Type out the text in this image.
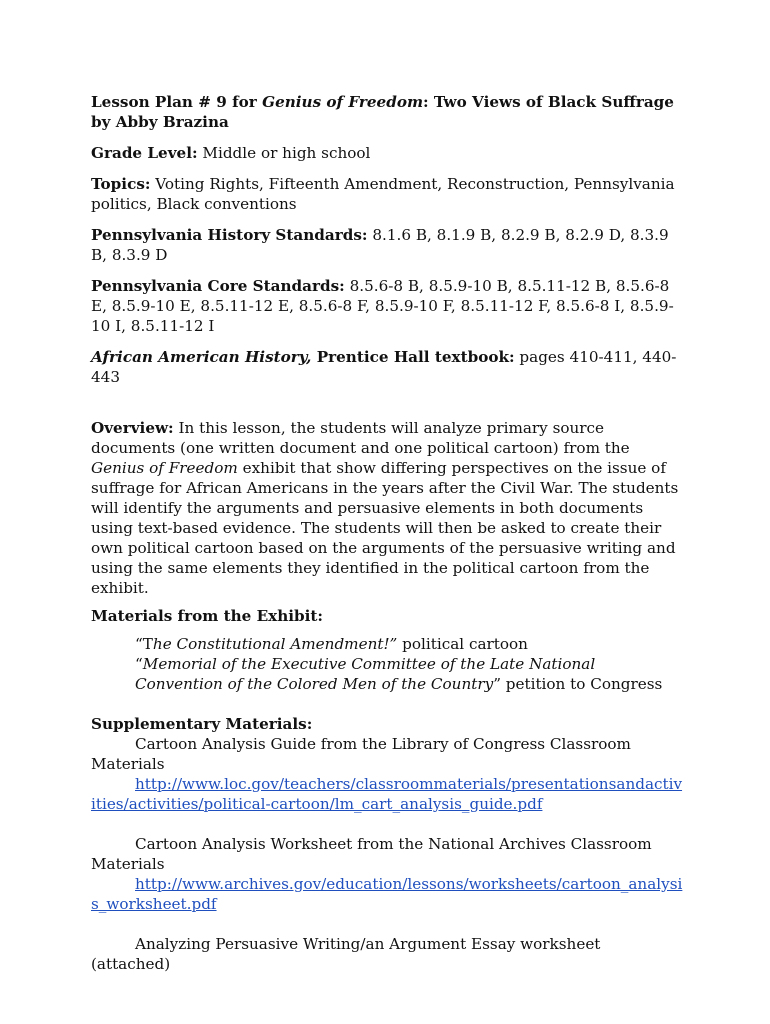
Lesson Plan # 9 for Genius of Freedom: Two Views of Black Suffrage by Abby Brazina

Grade Level: Middle or high school

Topics: Voting Rights, Fifteenth Amendment, Reconstruction, Pennsylvania politics, Black conventions

Pennsylvania History Standards: 8.1.6 B, 8.1.9 B, 8.2.9 B, 8.2.9 D, 8.3.9 B, 8.3.9 D

Pennsylvania Core Standards: 8.5.6-8 B, 8.5.9-10 B, 8.5.11-12 B, 8.5.6-8 E, 8.5.9-10 E, 8.5.11-12 E, 8.5.6-8 F, 8.5.9-10 F, 8.5.11-12 F, 8.5.6-8 I, 8.5.9-10 I, 8.5.11-12 I

African American History, Prentice Hall textbook: pages 410-411, 440-443

Overview: In this lesson, the students will analyze primary source documents (one written document and one political cartoon) from the Genius of Freedom exhibit that show differing perspectives on the issue of suffrage for African Americans in the years after the Civil War. The students will identify the arguments and persuasive elements in both documents using text-based evidence. The students will then be asked to create their own political cartoon based on the arguments of the persuasive writing and using the same elements they identified in the political cartoon from the exhibit.

Materials from the Exhibit:

“The Constitutional Amendment!” political cartoon

“Memorial of the Executive Committee of the Late National Convention of the Colored Men of the Country” petition to Congress

Supplementary Materials:

Cartoon Analysis Guide from the Library of Congress Classroom Materials

http://www.loc.gov/teachers/classroommaterials/presentationsandactivities/activities/political-cartoon/lm_cart_analysis_guide.pdf

Cartoon Analysis Worksheet from the National Archives Classroom Materials

http://www.archives.gov/education/lessons/worksheets/cartoon_analysis_worksheet.pdf

Analyzing Persuasive Writing/an Argument Essay worksheet (attached)
